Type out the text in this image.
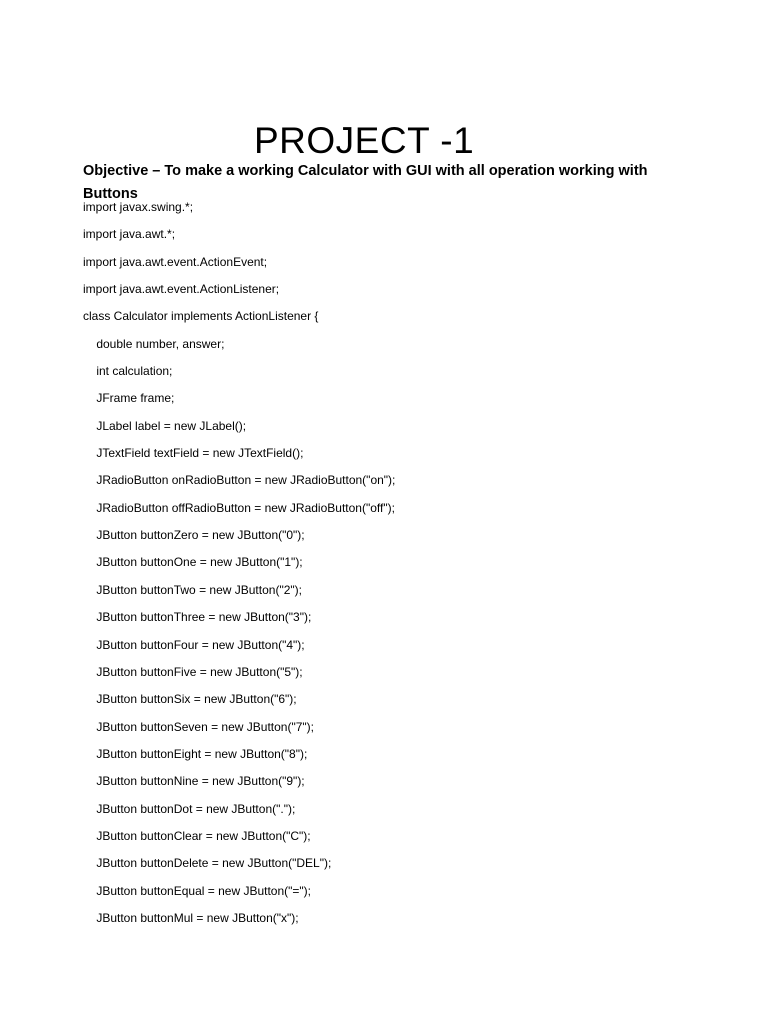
PROJECT -1

Objective – To make a working Calculator with GUI with all operation working with Buttons

import javax.swing.*;
import java.awt.*;
import java.awt.event.ActionEvent;
import java.awt.event.ActionListener;
class Calculator implements ActionListener {
double number, answer;
int calculation;
JFrame frame;
JLabel label = new JLabel();
JTextField textField = new JTextField();
JRadioButton onRadioButton = new JRadioButton("on");
JRadioButton offRadioButton = new JRadioButton("off");
JButton buttonZero = new JButton("0");
JButton buttonOne = new JButton("1");
JButton buttonTwo = new JButton("2");
JButton buttonThree = new JButton("3");
JButton buttonFour = new JButton("4");
JButton buttonFive = new JButton("5");
JButton buttonSix = new JButton("6");
JButton buttonSeven = new JButton("7");
JButton buttonEight = new JButton("8");
JButton buttonNine = new JButton("9");
JButton buttonDot = new JButton(".");
JButton buttonClear = new JButton("C");
JButton buttonDelete = new JButton("DEL");
JButton buttonEqual = new JButton("=");
JButton buttonMul = new JButton("x");
